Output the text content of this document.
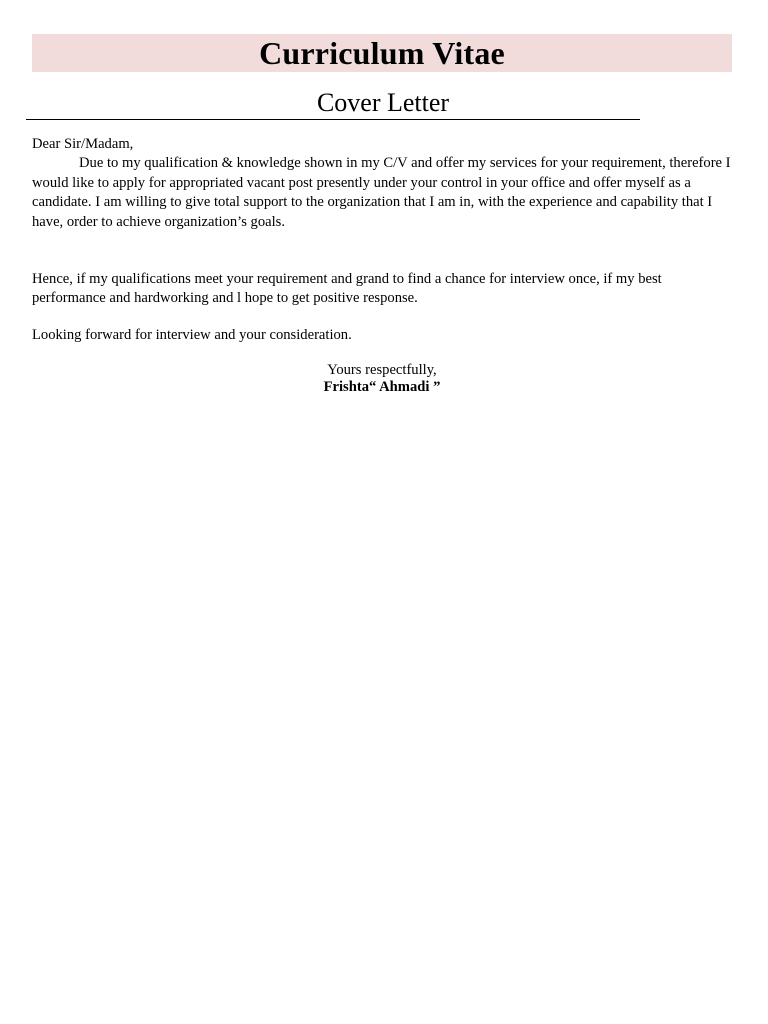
Curriculum Vitae
Cover Letter

Dear Sir/Madam,

Due to my qualification & knowledge shown in my C/V and offer my services for your requirement, therefore I would like to apply for appropriated vacant post presently under your control in your office and offer myself as a candidate. I am willing to give total support to the organization that I am in, with the experience and capability that I have, order to achieve organization’s goals.

Hence, if my qualifications meet your requirement and grand to find a chance for interview once, if my best performance and hardworking and l hope to get positive response.

Looking forward for interview and your consideration.

Yours respectfully,
Frishta“ Ahmadi ”
